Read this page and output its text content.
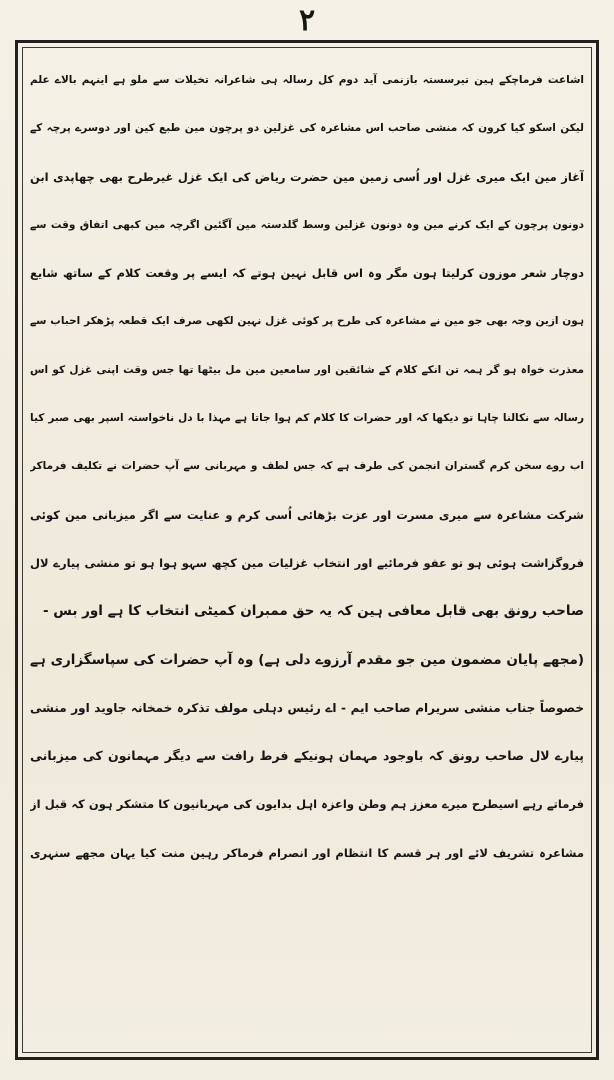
۲
اشاعت فرماچکے ہین تیرسستہ بازنمی آید دوم کل رسالہ ہی شاعرانہ تخیلات سے ملو ہے اینہم بالاے علم
لیکن اسکو کیا کرون کہ منشی صاحب اس مشاعرہ کی غزلین دو پرچون مین طبع کین اور دوسرے پرچہ کے
آغاز مین ایک میری غزل اور اُسی زمین مین حضرت ریاض کی ایک غزل غیرطرح بھی چھاپدی ابن
دونون پرچون کے ایک کرنے مین وہ دونون غزلین وسط گلدستہ مین آگئین اگرچہ مین کبھی اتفاق وقت سے
دوچار شعر موزون کرلیتا ہون مگر وہ اس قابل نہین ہوتے کہ ایسے پر وقعت کلام کے ساتھ شایع
ہون ازین وجہ بھی جو مین نے مشاعرہ کی طرح پر کوئی غزل نہین لکھی صرف ایک قطعہ پڑھکر احباب سے
معذرت خواہ ہو گر ہمہ تن انکے کلام کے شائقین اور سامعین مین مل بیٹھا تھا جس وقت اپنی غزل کو اس
رسالہ سے نکالنا چاہا تو دیکھا کہ اور حضرات کا کلام کم ہوا جاتا ہے مہذا با دل ناخواستہ اسپر بھی صبر کیا
اب روے سخن کرم گستران انجمن کی طرف ہے کہ جس لطف و مہربانی سے آپ حضرات نے تکلیف فرماکر
شرکت مشاعرہ سے میری مسرت اور عزت بڑھائی اُسی کرم و عنایت سے اگر میزبانی مین کوئی
فروگزاشت ہوئی ہو تو عفو فرمائیے اور انتخاب غزلیات مین کچھ سہو ہوا ہو تو منشی پیارے لال
صاحب رونق بھی قابل معافی ہین کہ یہ حق ممبران کمیٹی انتخاب کا ہے اور بس -
(مجھے پایان مضمون مین جو مقدم آرزوے دلی ہے) وہ آپ حضرات کی سپاسگزاری ہے
خصوصاً جناب منشی سریرام صاحب ایم - اے رئیس دہلی مولف تذکرہ خمخانہ جاوید اور منشی
پیارے لال صاحب رونق کہ باوجود مہمان ہونیکے فرط رافت سے دیگر مہمانون کی میزبانی
فرماتے رہے اسیطرح میرے معزز ہم وطن واعزہ اہل بدایون کی مہربانیون کا متشکر ہون کہ قبل از
مشاعرہ تشریف لائے اور ہر قسم کا انتظام اور انصرام فرماکر رہین منت کیا یہان مجھے سنہری
